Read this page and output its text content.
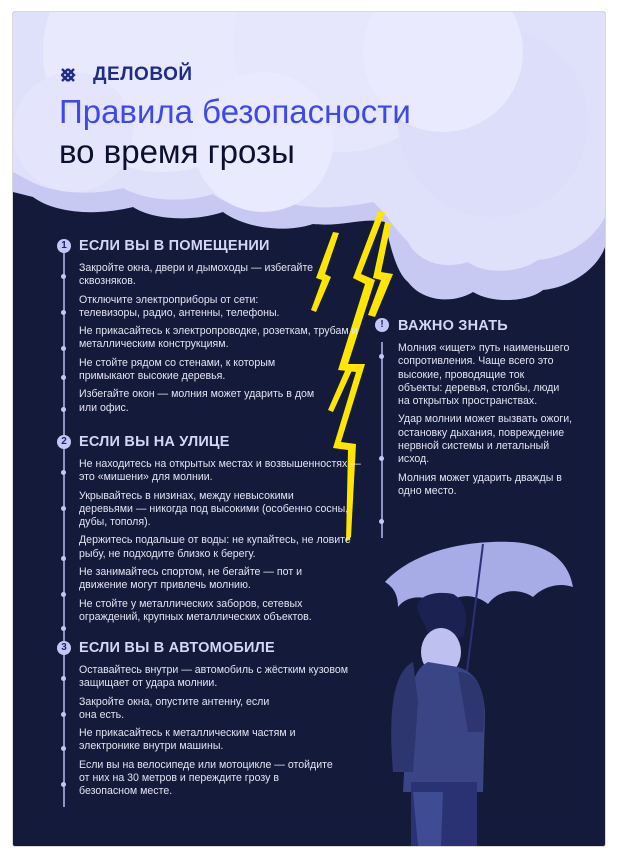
ДЕЛОВОЙ
Правила безопасности
во время грозы
1 ЕСЛИ ВЫ В ПОМЕЩЕНИИ
Закройте окна, двери и дымоходы — избегайте сквозняков.
Отключите электроприборы от сети: телевизоры, радио, антенны, телефоны.
Не прикасайтесь к электропроводке, розеткам, трубам и металлическим конструкциям.
Не стойте рядом со стенами, к которым примыкают высокие деревья.
Избегайте окон — молния может ударить в дом или офис.
2 ЕСЛИ ВЫ НА УЛИЦЕ
Не находитесь на открытых местах и возвышенностях — это «мишени» для молнии.
Укрывайтесь в низинах, между невысокими деревьями — никогда под высокими (особенно сосны, дубы, тополя).
Держитесь подальше от воды: не купайтесь, не ловите рыбу, не подходите близко к берегу.
Не занимайтесь спортом, не бегайте — пот и движение могут привлечь молнию.
Не стойте у металлических заборов, сетевых ограждений, крупных металлических объектов.
3 ЕСЛИ ВЫ В АВТОМОБИЛЕ
Оставайтесь внутри — автомобиль с жёстким кузовом защищает от удара молнии.
Закройте окна, опустите антенну, если она есть.
Не прикасайтесь к металлическим частям и электронике внутри машины.
Если вы на велосипеде или мотоцикле — отойдите от них на 30 метров и переждите грозу в безопасном месте.
! ВАЖНО ЗНАТЬ
Молния «ищет» путь наименьшего сопротивления. Чаще всего это высокие, проводящие ток объекты: деревья, столбы, люди на открытых пространствах.
Удар молнии может вызвать ожоги, остановку дыхания, повреждение нервной системы и летальный исход.
Молния может ударить дважды в одно место.
